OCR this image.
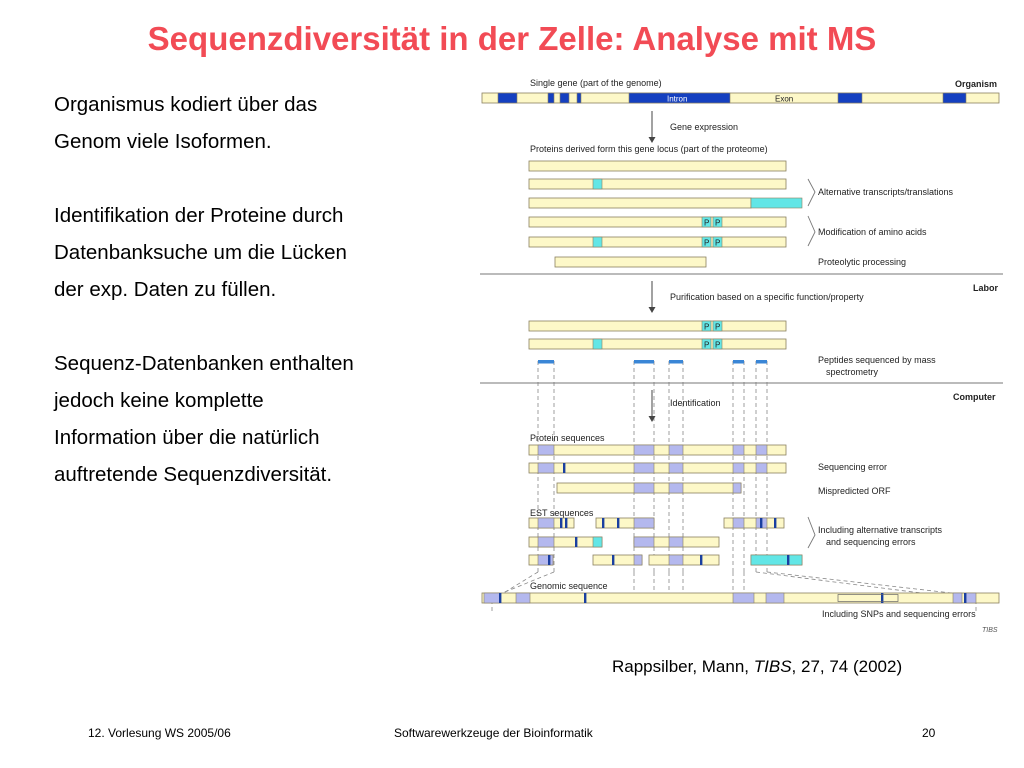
Sequenzdiversität in der Zelle: Analyse mit MS

Organismus kodiert über das
Genom viele Isoformen.

Identifikation der Proteine durch
Datenbanksuche um die Lücken
der exp. Daten zu füllen.

Sequenz-Datenbanken enthalten
jedoch keine komplette
Information über die natürlich
auftretende Sequenzdiversität.

Single gene (part of the genome)	Organism
Intron	Exon
Gene expression
Proteins derived form this gene locus (part of the proteome)
P P
P P
Alternative transcripts/translations
Modification of amino acids
Proteolytic processing
Labor
Purification based on a specific function/property
P P
P P
Peptides sequenced by mass
spectrometry
Computer
Identification
Protein sequences
Sequencing error
Mispredicted ORF
EST sequences
Including alternative transcripts
and sequencing errors
Genomic sequence
Including SNPs and sequencing errors
TIBS
Rappsilber, Mann, TIBS, 27, 74 (2002)
12. Vorlesung WS 2005/06	Softwarewerkzeuge der Bioinformatik	20
